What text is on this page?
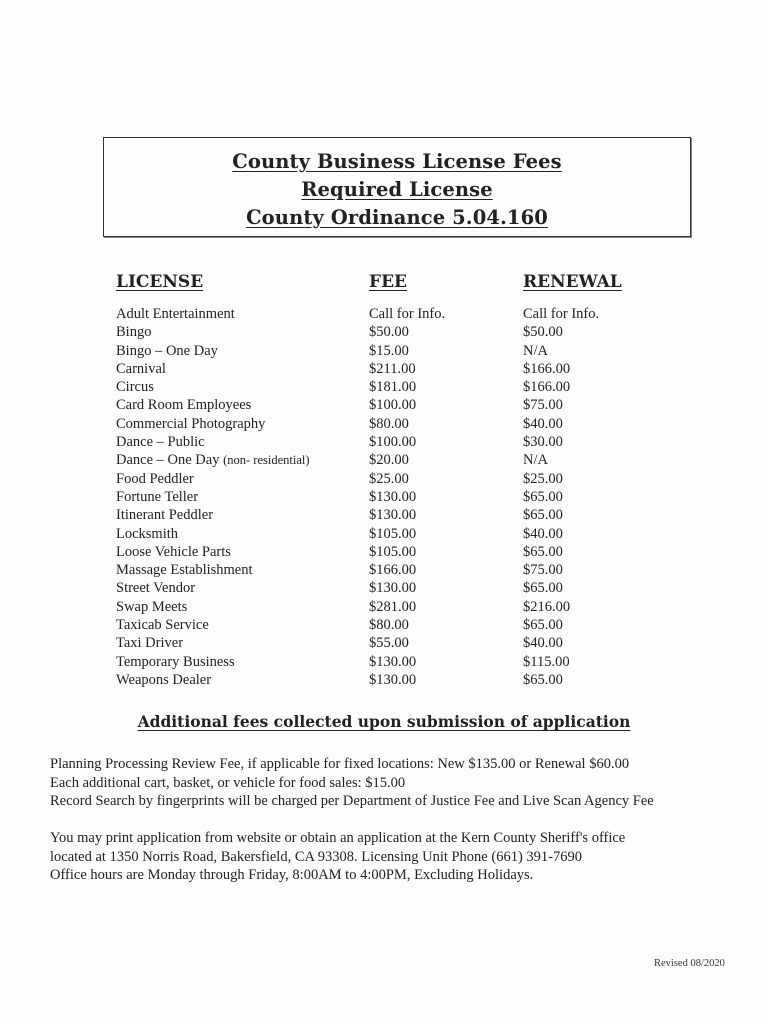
County Business License Fees
Required License
County Ordinance 5.04.160
LICENSE	FEE	RENEWAL
Adult Entertainment	Call for Info.	Call for Info.
Bingo	$50.00	$50.00
Bingo – One Day	$15.00	N/A
Carnival	$211.00	$166.00
Circus	$181.00	$166.00
Card Room Employees	$100.00	$75.00
Commercial Photography	$80.00	$40.00
Dance – Public	$100.00	$30.00
Dance – One Day (non- residential)	$20.00	N/A
Food Peddler	$25.00	$25.00
Fortune Teller	$130.00	$65.00
Itinerant Peddler	$130.00	$65.00
Locksmith	$105.00	$40.00
Loose Vehicle Parts	$105.00	$65.00
Massage Establishment	$166.00	$75.00
Street Vendor	$130.00	$65.00
Swap Meets	$281.00	$216.00
Taxicab Service	$80.00	$65.00
Taxi Driver	$55.00	$40.00
Temporary Business	$130.00	$115.00
Weapons Dealer	$130.00	$65.00
Additional fees collected upon submission of application
Planning Processing Review Fee, if applicable for fixed locations: New $135.00 or Renewal $60.00
Each additional cart, basket, or vehicle for food sales: $15.00
Record Search by fingerprints will be charged per Department of Justice Fee and Live Scan Agency Fee
You may print application from website or obtain an application at the Kern County Sheriff's office
located at 1350 Norris Road, Bakersfield, CA 93308. Licensing Unit Phone (661) 391-7690
Office hours are Monday through Friday, 8:00AM to 4:00PM, Excluding Holidays.
Revised 08/2020
